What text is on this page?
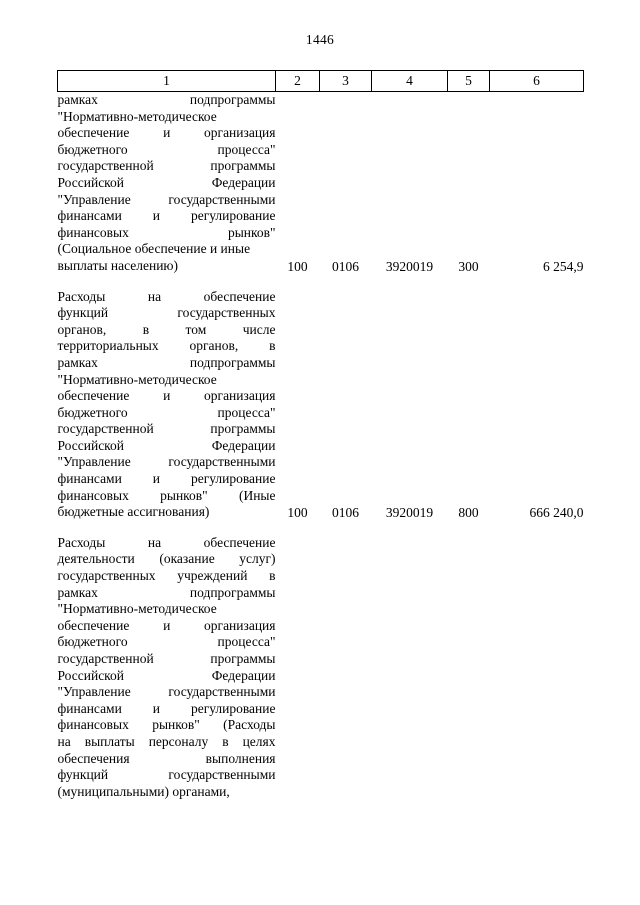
1446
1	2	3	4	5	6

рамках подпрограммы
"Нормативно-методическое
обеспечение и организация
бюджетного процесса"
государственной программы
Российской Федерации
"Управление государственными
финансами и регулирование
финансовых рынков"
(Социальное обеспечение и иные
выплаты населению)	100	0106	3920019	300	6 254,9

Расходы на обеспечение
функций государственных
органов, в том числе
территориальных органов, в
рамках подпрограммы
"Нормативно-методическое
обеспечение и организация
бюджетного процесса"
государственной программы
Российской Федерации
"Управление государственными
финансами и регулирование
финансовых рынков" (Иные
бюджетные ассигнования)	100	0106	3920019	800	666 240,0

Расходы на обеспечение
деятельности (оказание услуг)
государственных учреждений в
рамках подпрограммы
"Нормативно-методическое
обеспечение и организация
бюджетного процесса"
государственной программы
Российской Федерации
"Управление государственными
финансами и регулирование
финансовых рынков" (Расходы
на выплаты персоналу в целях
обеспечения выполнения
функций государственными
(муниципальными) органами,
